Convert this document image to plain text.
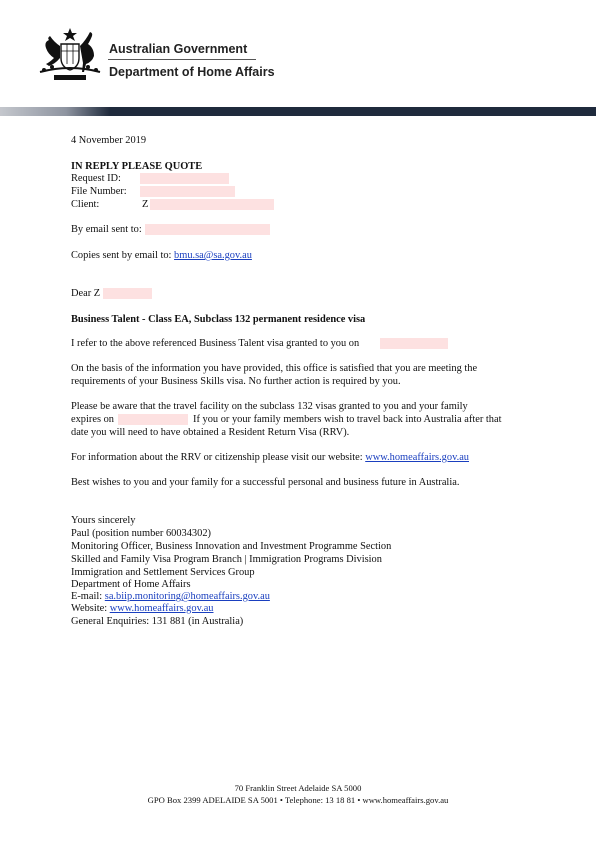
Australian Government
Department of Home Affairs
4 November 2019
IN REPLY PLEASE QUOTE
Request ID:
File Number:
Client:	Z
By email sent to:
Copies sent by email to: bmu.sa@sa.gov.au
Dear Z
Business Talent - Class EA, Subclass 132 permanent residence visa
I refer to the above referenced Business Talent visa granted to you on
On the basis of the information you have provided, this office is satisfied that you are meeting the
requirements of your Business Skills visa. No further action is required by you.
Please be aware that the travel facility on the subclass 132 visas granted to you and your family
expires on	If you or your family members wish to travel back into Australia after that
date you will need to have obtained a Resident Return Visa (RRV).
For information about the RRV or citizenship please visit our website: www.homeaffairs.gov.au
Best wishes to you and your family for a successful personal and business future in Australia.
Yours sincerely
Paul (position number 60034302)
Monitoring Officer, Business Innovation and Investment Programme Section
Skilled and Family Visa Program Branch | Immigration Programs Division
Immigration and Settlement Services Group
Department of Home Affairs
E-mail: sa.biip.monitoring@homeaffairs.gov.au
Website: www.homeaffairs.gov.au
General Enquiries: 131 881 (in Australia)
70 Franklin Street Adelaide SA 5000
GPO Box 2399 ADELAIDE SA 5001 • Telephone: 13 18 81 • www.homeaffairs.gov.au
